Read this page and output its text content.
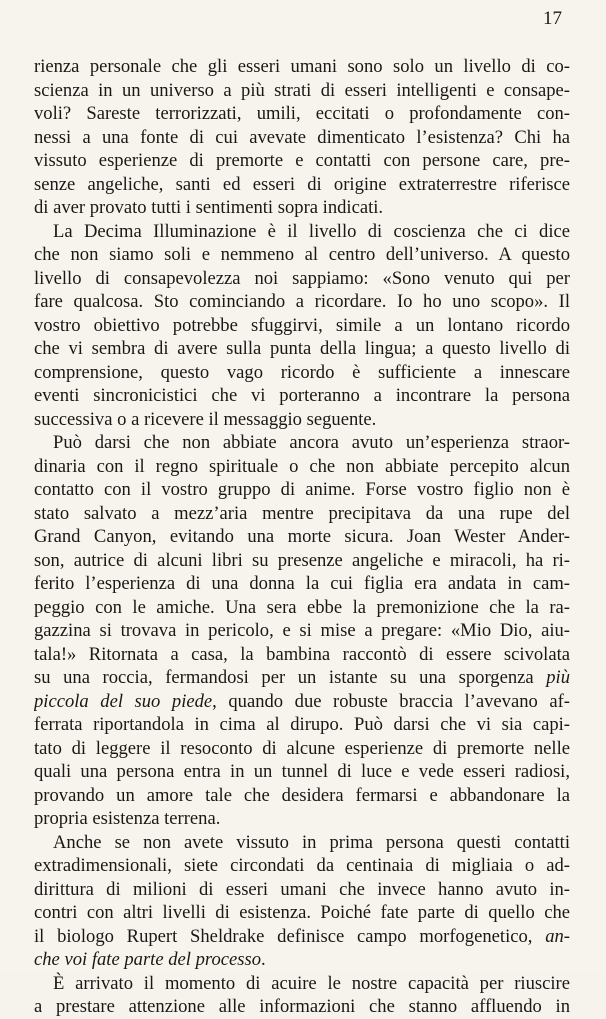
17
rienza personale che gli esseri umani sono solo un livello di co-
scienza in un universo a più strati di esseri intelligenti e consape-
voli? Sareste terrorizzati, umili, eccitati o profondamente con-
nessi a una fonte di cui avevate dimenticato l’esistenza? Chi ha
vissuto esperienze di premorte e contatti con persone care, pre-
senze angeliche, santi ed esseri di origine extraterrestre riferisce
di aver provato tutti i sentimenti sopra indicati.
La Decima Illuminazione è il livello di coscienza che ci dice
che non siamo soli e nemmeno al centro dell’universo. A questo
livello di consapevolezza noi sappiamo: «Sono venuto qui per
fare qualcosa. Sto cominciando a ricordare. Io ho uno scopo». Il
vostro obiettivo potrebbe sfuggirvi, simile a un lontano ricordo
che vi sembra di avere sulla punta della lingua; a questo livello di
comprensione, questo vago ricordo è sufficiente a innescare
eventi sincronicistici che vi porteranno a incontrare la persona
successiva o a ricevere il messaggio seguente.
Può darsi che non abbiate ancora avuto un’esperienza straor-
dinaria con il regno spirituale o che non abbiate percepito alcun
contatto con il vostro gruppo di anime. Forse vostro figlio non è
stato salvato a mezz’aria mentre precipitava da una rupe del
Grand Canyon, evitando una morte sicura. Joan Wester Ander-
son, autrice di alcuni libri su presenze angeliche e miracoli, ha ri-
ferito l’esperienza di una donna la cui figlia era andata in cam-
peggio con le amiche. Una sera ebbe la premonizione che la ra-
gazzina si trovava in pericolo, e si mise a pregare: «Mio Dio, aiu-
tala!» Ritornata a casa, la bambina raccontò di essere scivolata
su una roccia, fermandosi per un istante su una sporgenza più
piccola del suo piede, quando due robuste braccia l’avevano af-
ferrata riportandola in cima al dirupo. Può darsi che vi sia capi-
tato di leggere il resoconto di alcune esperienze di premorte nelle
quali una persona entra in un tunnel di luce e vede esseri radiosi,
provando un amore tale che desidera fermarsi e abbandonare la
propria esistenza terrena.
Anche se non avete vissuto in prima persona questi contatti
extradimensionali, siete circondati da centinaia di migliaia o ad-
dirittura di milioni di esseri umani che invece hanno avuto in-
contri con altri livelli di esistenza. Poiché fate parte di quello che
il biologo Rupert Sheldrake definisce campo morfogenetico, an-
che voi fate parte del processo.
È arrivato il momento di acuire le nostre capacità per riuscire
a prestare attenzione alle informazioni che stanno affluendo in
